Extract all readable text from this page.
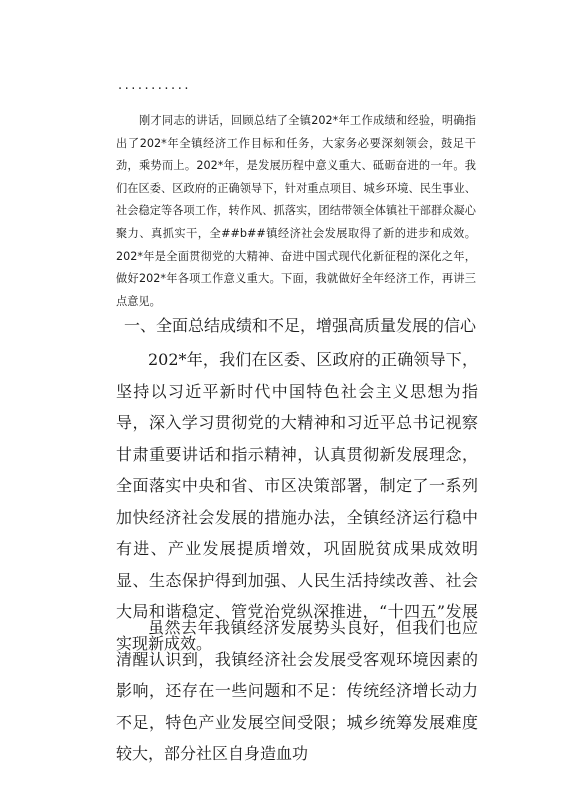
...........

刚才同志的讲话，回顾总结了全镇202*年工作成绩和经验，明确指出了202*年全镇经济工作目标和任务，大家务必要深刻领会，鼓足干劲，乘势而上。202*年，是发展历程中意义重大、砥砺奋进的一年。我们在区委、区政府的正确领导下，针对重点项目、城乡环境、民生事业、社会稳定等各项工作，转作风、抓落实，团结带领全体镇社干部群众凝心聚力、真抓实干，全##b##镇经济社会发展取得了新的进步和成效。202*年是全面贯彻党的大精神、奋进中国式现代化新征程的深化之年，做好202*年各项工作意义重大。下面，我就做好全年经济工作，再讲三点意见。

一、全面总结成绩和不足，增强高质量发展的信心

202*年，我们在区委、区政府的正确领导下，坚持以习近平新时代中国特色社会主义思想为指导，深入学习贯彻党的大精神和习近平总书记视察甘肃重要讲话和指示精神，认真贯彻新发展理念，全面落实中央和省、市区决策部署，制定了一系列加快经济社会发展的措施办法，全镇经济运行稳中有进、产业发展提质增效，巩固脱贫成果成效明显、生态保护得到加强、人民生活持续改善、社会大局和谐稳定、管党治党纵深推进，“十四五”发展实现新成效。

虽然去年我镇经济发展势头良好，但我们也应清醒认识到，我镇经济社会发展受客观环境因素的影响，还存在一些问题和不足：传统经济增长动力不足，特色产业发展空间受限；城乡统筹发展难度较大，部分社区自身造血功
